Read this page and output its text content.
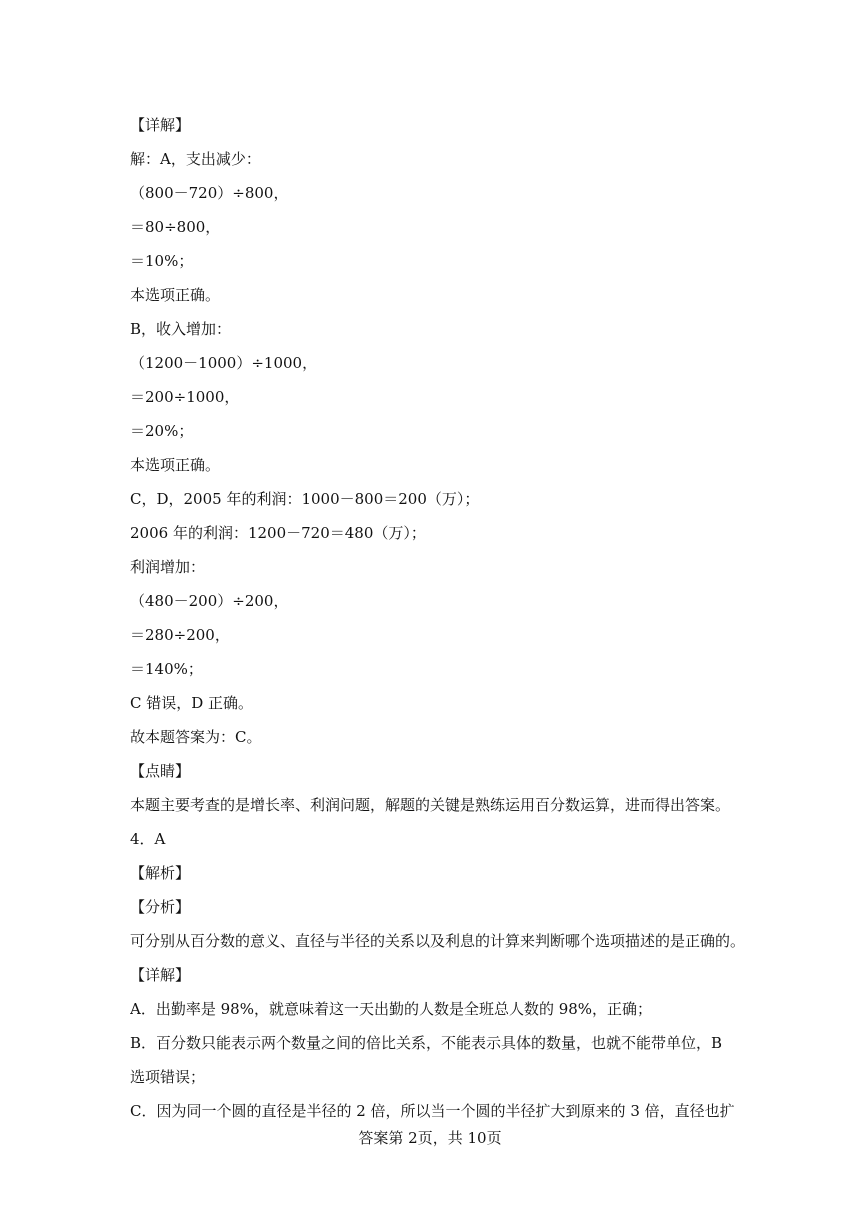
【详解】
解：A，支出减少：
（800－720）÷800，
＝80÷800，
＝10%；
本选项正确。
B，收入增加：
（1200－1000）÷1000，
＝200÷1000，
＝20%；
本选项正确。
C，D，2005 年的利润：1000－800＝200（万）；
2006 年的利润：1200－720＝480（万）；
利润增加：
（480－200）÷200，
＝280÷200，
＝140%；
C 错误，D 正确。
故本题答案为：C。
【点睛】
本题主要考查的是增长率、利润问题，解题的关键是熟练运用百分数运算，进而得出答案。
4．A
【解析】
【分析】
可分别从百分数的意义、直径与半径的关系以及利息的计算来判断哪个选项描述的是正确的。
【详解】
A．出勤率是 98%，就意味着这一天出勤的人数是全班总人数的 98%，正确；
B．百分数只能表示两个数量之间的倍比关系，不能表示具体的数量，也就不能带单位，B
选项错误；
C．因为同一个圆的直径是半径的 2 倍，所以当一个圆的半径扩大到原来的 3 倍，直径也扩
答案第 2页，共 10页
